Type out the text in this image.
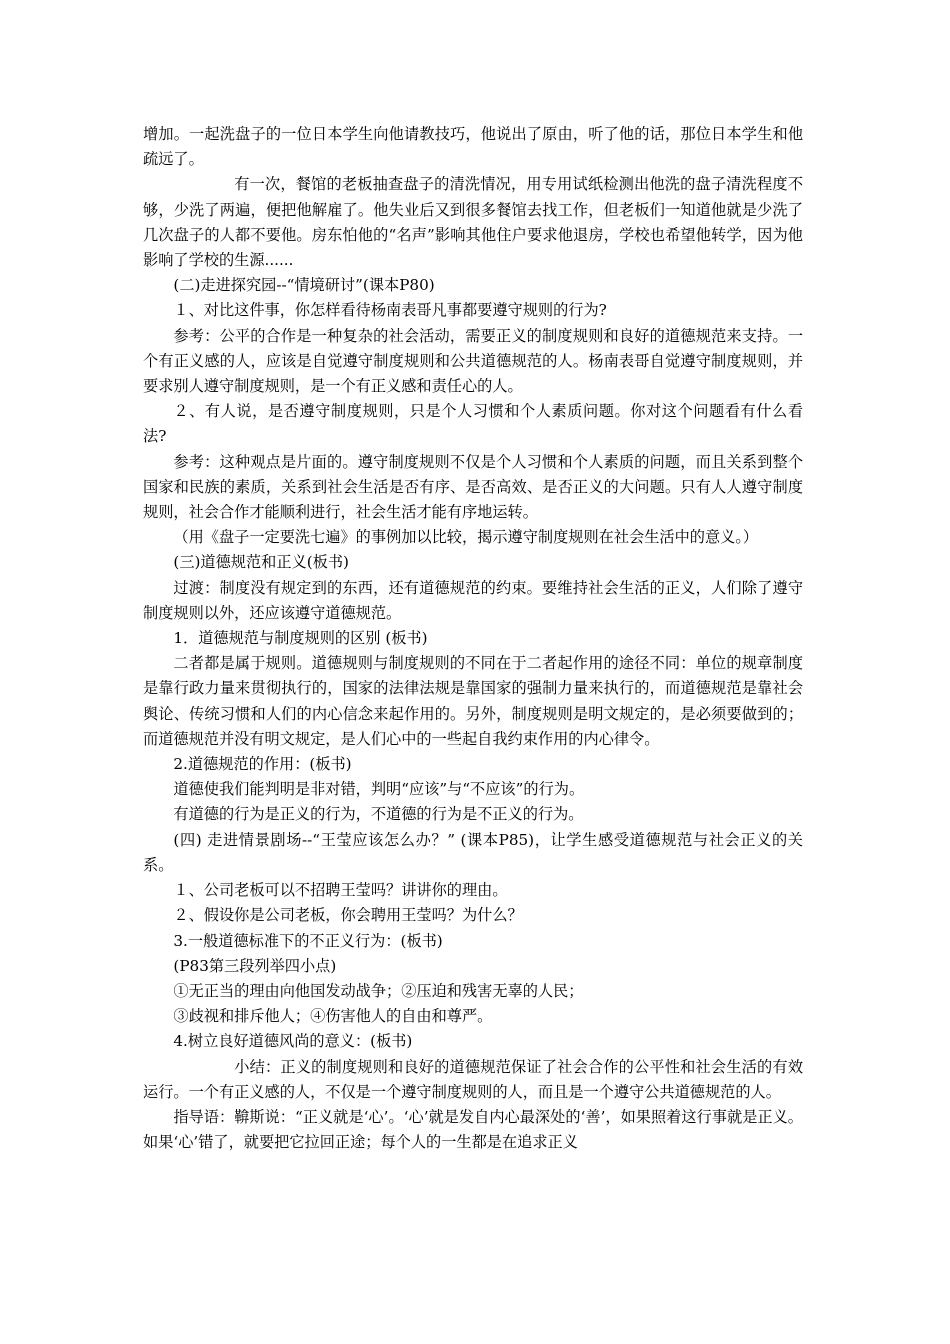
增加。一起洗盘子的一位日本学生向他请教技巧，他说出了原由，听了他的话，那位日本学生和他疏远了。

有一次，餐馆的老板抽查盘子的清洗情况，用专用试纸检测出他洗的盘子清洗程度不够，少洗了两遍，便把他解雇了。他失业后又到很多餐馆去找工作，但老板们一知道他就是少洗了几次盘子的人都不要他。房东怕他的“名声”影响其他住户要求他退房，学校也希望他转学，因为他影响了学校的生源......

(二)走进探究园--“情境研讨”(课本P80)

１、对比这件事，你怎样看待杨南表哥凡事都要遵守规则的行为?

参考：公平的合作是一种复杂的社会活动，需要正义的制度规则和良好的道德规范来支持。一个有正义感的人，应该是自觉遵守制度规则和公共道德规范的人。杨南表哥自觉遵守制度规则，并要求别人遵守制度规则，是一个有正义感和责任心的人。

２、有人说，是否遵守制度规则，只是个人习惯和个人素质问题。你对这个问题看有什么看法?

参考：这种观点是片面的。遵守制度规则不仅是个人习惯和个人素质的问题，而且关系到整个国家和民族的素质，关系到社会生活是否有序、是否高效、是否正义的大问题。只有人人遵守制度规则，社会合作才能顺利进行，社会生活才能有序地运转。

（用《盘子一定要洗七遍》的事例加以比较，揭示遵守制度规则在社会生活中的意义。）

(三)道德规范和正义(板书)

过渡：制度没有规定到的东西，还有道德规范的约束。要维持社会生活的正义，人们除了遵守制度规则以外，还应该遵守道德规范。

1．道德规范与制度规则的区别 (板书)

二者都是属于规则。道德规则与制度规则的不同在于二者起作用的途径不同：单位的规章制度是靠行政力量来贯彻执行的，国家的法律法规是靠国家的强制力量来执行的，而道德规范是靠社会舆论、传统习惯和人们的内心信念来起作用的。另外，制度规则是明文规定的，是必须要做到的；而道德规范并没有明文规定，是人们心中的一些起自我约束作用的内心律令。

2.道德规范的作用：(板书)

道德使我们能判明是非对错，判明“应该”与“不应该”的行为。

有道德的行为是正义的行为，不道德的行为是不正义的行为。

(四) 走进情景剧场--“王莹应该怎么办？” (课本P85)，让学生感受道德规范与社会正义的关系。

１、公司老板可以不招聘王莹吗？讲讲你的理由。

２、假设你是公司老板，你会聘用王莹吗？为什么？

3.一般道德标准下的不正义行为：(板书)

(P83第三段列举四小点)

①无正当的理由向他国发动战争；②压迫和残害无辜的人民；

③歧视和排斥他人；④伤害他人的自由和尊严。

4.树立良好道德风尚的意义：(板书)

小结：正义的制度规则和良好的道德规范保证了社会合作的公平性和社会生活的有效运行。一个有正义感的人，不仅是一个遵守制度规则的人，而且是一个遵守公共道德规范的人。

指导语：鞥斯说：“正义就是‘心’。‘心’就是发自内心最深处的‘善’，如果照着这行事就是正义。如果‘心’错了，就要把它拉回正途；每个人的一生都是在追求正义
